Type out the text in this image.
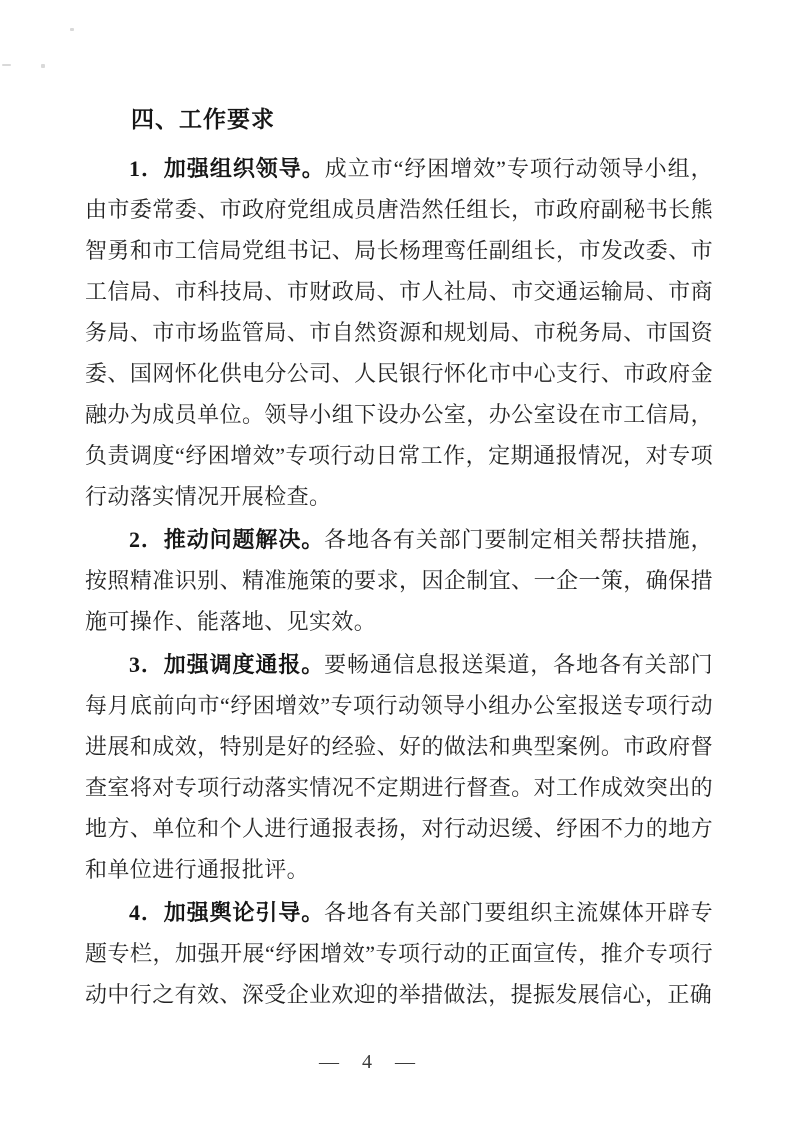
四、工作要求

1．加强组织领导。成立市“纾困增效”专项行动领导小组，由市委常委、市政府党组成员唐浩然任组长，市政府副秘书长熊智勇和市工信局党组书记、局长杨理鸾任副组长，市发改委、市工信局、市科技局、市财政局、市人社局、市交通运输局、市商务局、市市场监管局、市自然资源和规划局、市税务局、市国资委、国网怀化供电分公司、人民银行怀化市中心支行、市政府金融办为成员单位。领导小组下设办公室，办公室设在市工信局，负责调度“纾困增效”专项行动日常工作，定期通报情况，对专项行动落实情况开展检查。

2．推动问题解决。各地各有关部门要制定相关帮扶措施，按照精准识别、精准施策的要求，因企制宜、一企一策，确保措施可操作、能落地、见实效。

3．加强调度通报。要畅通信息报送渠道，各地各有关部门每月底前向市“纾困增效”专项行动领导小组办公室报送专项行动进展和成效，特别是好的经验、好的做法和典型案例。市政府督查室将对专项行动落实情况不定期进行督查。对工作成效突出的地方、单位和个人进行通报表扬，对行动迟缓、纾困不力的地方和单位进行通报批评。

4．加强舆论引导。各地各有关部门要组织主流媒体开辟专题专栏，加强开展“纾困增效”专项行动的正面宣传，推介专项行动中行之有效、深受企业欢迎的举措做法，提振发展信心，正确

— 4 —
